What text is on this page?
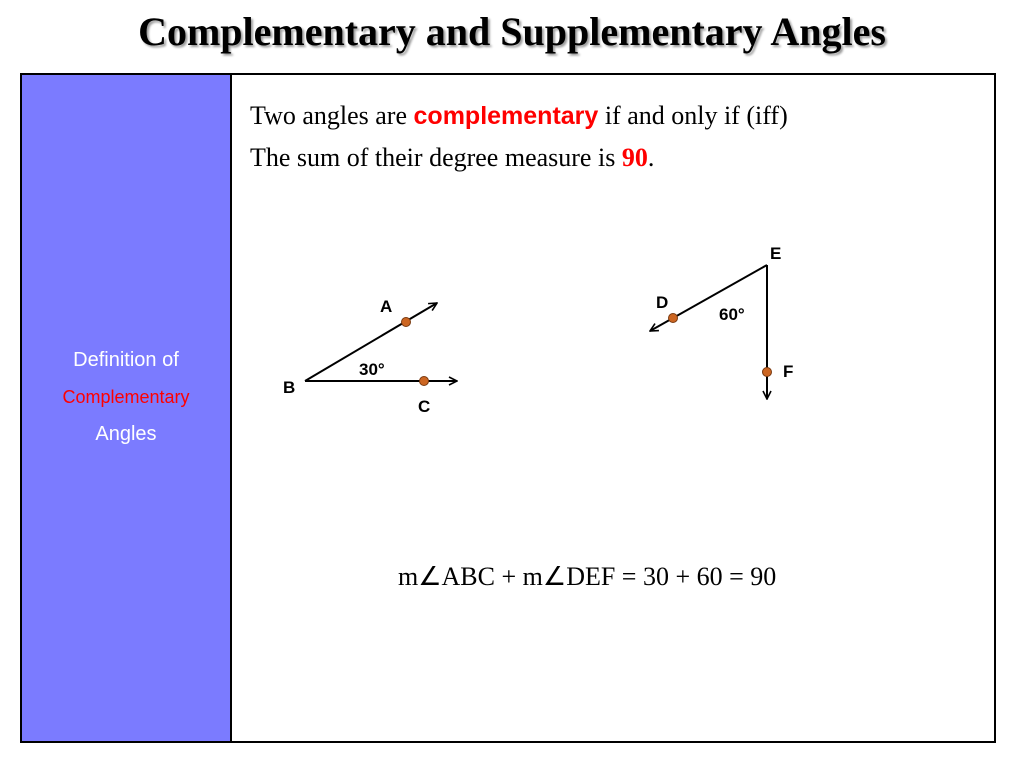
Complementary and Supplementary Angles
Definition of
Complementary
Angles
Two angles are complementary if and only if (iff)
The sum of their degree measure is 90.
A
B
C
30°
E
D
F
60°
m∠ABC + m∠DEF = 30 + 60 = 90
